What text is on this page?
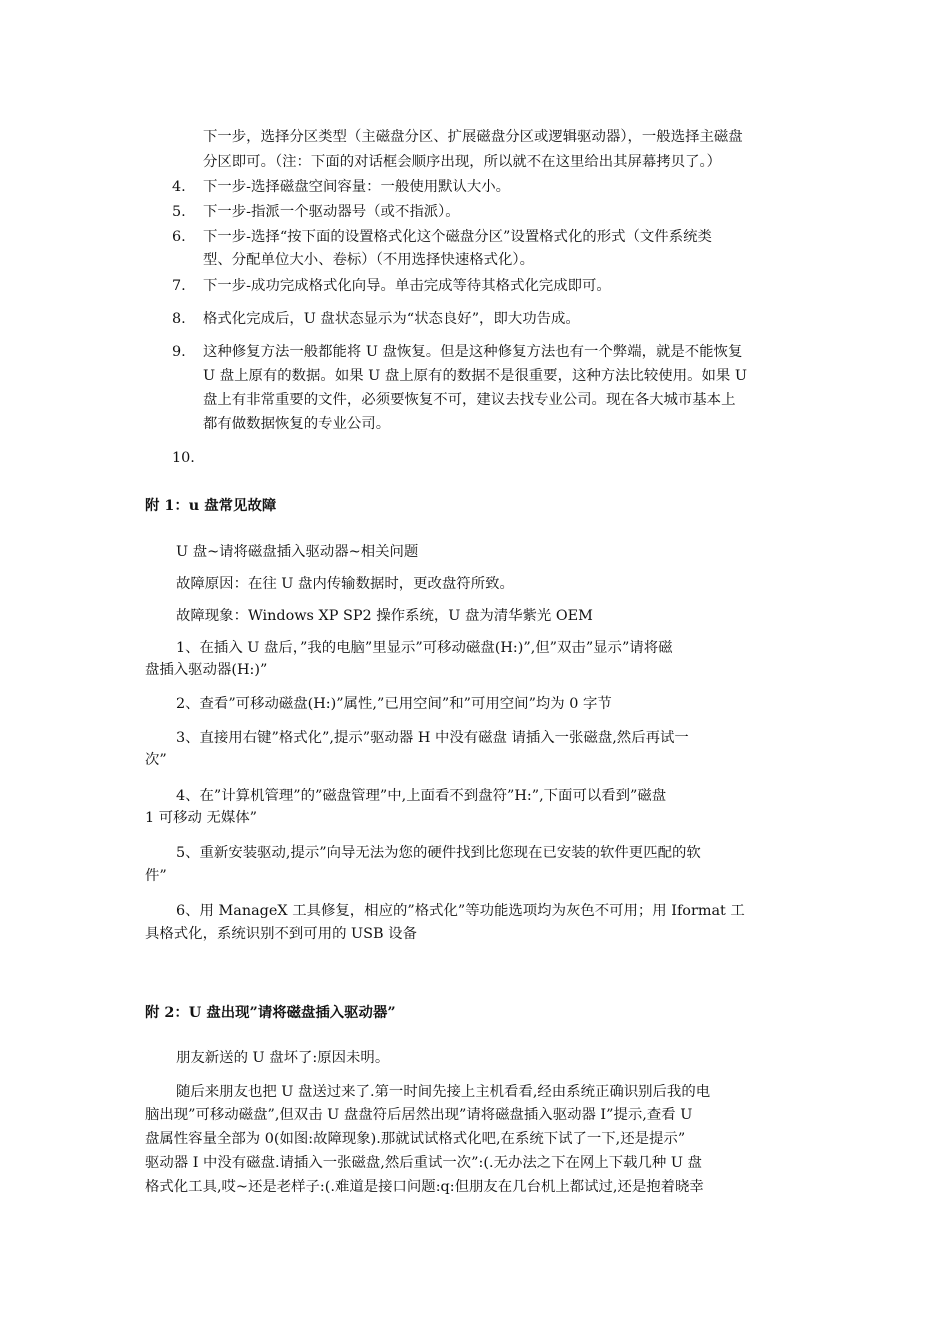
下一步，选择分区类型（主磁盘分区、扩展磁盘分区或逻辑驱动器），一般选择主磁盘
分区即可。（注：下面的对话框会顺序出现，所以就不在这里给出其屏幕拷贝了。）
4. 下一步-选择磁盘空间容量：一般使用默认大小。
5. 下一步-指派一个驱动器号（或不指派）。
6. 下一步-选择“按下面的设置格式化这个磁盘分区”设置格式化的形式（文件系统类
型、分配单位大小、卷标）（不用选择快速格式化）。
7. 下一步-成功完成格式化向导。单击完成等待其格式化完成即可。
8. 格式化完成后，U 盘状态显示为“状态良好”，即大功告成。
9. 这种修复方法一般都能将 U 盘恢复。但是这种修复方法也有一个弊端，就是不能恢复
U 盘上原有的数据。如果 U 盘上原有的数据不是很重要，这种方法比较使用。如果 U
盘上有非常重要的文件，必须要恢复不可，建议去找专业公司。现在各大城市基本上
都有做数据恢复的专业公司。
10.
附 1：u 盘常见故障
U 盘~请将磁盘插入驱动器~相关问题
故障原因：在往 U 盘内传输数据时，更改盘符所致。
故障现象：Windows XP SP2 操作系统，U 盘为清华紫光 OEM
1、在插入 U 盘后，”我的电脑”里显示”可移动磁盘(H:)”,但”双击”显示”请将磁
盘插入驱动器(H:)”
2、查看”可移动磁盘(H:)”属性,”已用空间”和”可用空间”均为 0 字节
3、直接用右键”格式化”,提示”驱动器 H 中没有磁盘 请插入一张磁盘,然后再试一
次”
4、在”计算机管理”的”磁盘管理”中,上面看不到盘符”H:”,下面可以看到”磁盘
1 可移动 无媒体”
5、重新安装驱动,提示”向导无法为您的硬件找到比您现在已安装的软件更匹配的软
件”
6、用 ManageX 工具修复，相应的”格式化”等功能选项均为灰色不可用；用 Iformat 工
具格式化，系统识别不到可用的 USB 设备
附 2：U 盘出现”请将磁盘插入驱动器”
朋友新送的 U 盘坏了:原因未明。
随后来朋友也把 U 盘送过来了.第一时间先接上主机看看,经由系统正确识别后我的电
脑出现”可移动磁盘”,但双击 U 盘盘符后居然出现”请将磁盘插入驱动器 I”提示,查看 U
盘属性容量全部为 0(如图:故障现象).那就试试格式化吧,在系统下试了一下,还是提示”
驱动器 I 中没有磁盘.请插入一张磁盘,然后重试一次”:(.无办法之下在网上下载几种 U 盘
格式化工具,哎~还是老样子:(.难道是接口问题:q:但朋友在几台机上都试过,还是抱着晓幸
